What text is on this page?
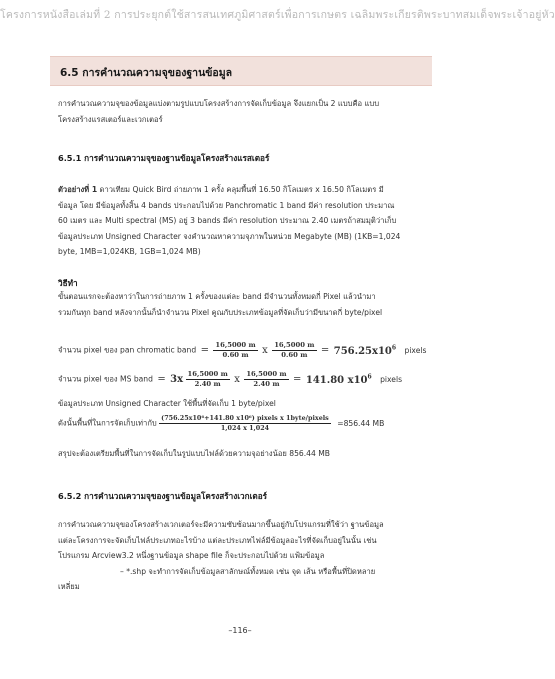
โครงการหนังสือเล่มที่ 2 การประยุกต์ใช้สารสนเทศภูมิศาสตร์เพื่อการเกษตร เฉลิมพระเกียรติพระบาทสมเด็จพระเจ้าอยู่หัว
6.5 การคำนวณความจุของฐานข้อมูล
การคำนวณความจุของข้อมูลแบ่งตามรูปแบบโครงสร้างการจัดเก็บข้อมูล จึงแยกเป็น 2 แบบคือ แบบ
โครงสร้างแรสเตอร์และเวกเตอร์
6.5.1 การคำนวณความจุของฐานข้อมูลโครงสร้างแรสเตอร์
ตัวอย่างที่ 1 ดาวเทียม Quick Bird ถ่ายภาพ 1 ครั้ง คลุมพื้นที่ 16.50 กิโลเมตร x 16.50 กิโลเมตร มี
ข้อมูล โดย มีข้อมูลทั้งสิ้น 4 bands ประกอบไปด้วย Panchromatic 1 band มีค่า resolution ประมาณ
60 เมตร และ Multi spectral (MS) อยู่ 3 bands มีค่า resolution ประมาณ 2.40 เมตรถ้าสมมุติว่าเก็บ
ข้อมูลประเภท Unsigned Character จงคำนวณหาความจุภาพในหน่วย Megabyte (MB) (1KB=1,024
byte, 1MB=1,024KB, 1GB=1,024 MB)
วิธีทำ
ขั้นตอนแรกจะต้องหาว่าในการถ่ายภาพ 1 ครั้งของแต่ละ band มีจำนวนทั้งหมดกี่ Pixel แล้วนำมา
รวมกันทุก band หลังจากนั้นก็นำจำนวน Pixel คูณกับประเภทข้อมูลที่จัดเก็บว่ามีขนาดกี่ byte/pixel
จำนวน pixel ของ pan chromatic band = $\frac{16,5000 m}{0.60 m}$ x $\frac{16,5000 m}{0.60 m} = 756.25x10^6$ pixels
จำนวน pixel ของ MS band = $3x \frac{16,5000 m}{2.40 m}$ x $\frac{16,5000 m}{2.40 m} = 141.80$ $x10^6$ pixels
ข้อมูลประเภท Unsigned Character ใช้พื้นที่จัดเก็บ 1 byte/pixel
ดังนั้นพื้นที่ในการจัดเก็บเท่ากับ $\frac{\text{(756.25x10⁶+141.80 x10⁶) pixels x 1byte/pixels}}{1,024 x 1,024} =856.44$ MB
สรุปจะต้องเตรียมพื้นที่ในการจัดเก็บในรูปแบบไฟล์ด้วยความจุอย่างน้อย 856.44 MB
6.5.2 การคำนวณความจุของฐานข้อมูลโครงสร้างเวกเตอร์
การคำนวณความจุของโครงสร้างเวกเตอร์จะมีความซับซ้อนมากขึ้นอยู่กับโปรแกรมที่ใช้ว่า ฐานข้อมูล
แต่ละโครงการจะจัดเก็บไฟล์ประเภทอะไรบ้าง แต่ละประเภทไฟล์มีข้อมูลอะไรที่จัดเก็บอยู่ในนั้น เช่น
โปรแกรม Arcview3.2 หนึ่งฐานข้อมูล shape file ก็จะประกอบไปด้วย แฟ้มข้อมูล
– *.shp จะทำการจัดเก็บข้อมูลสาลักษณ์ทั้งหมด เช่น จุด เส้น หรือพื้นที่ปิดหลาย
เหลี่ยม
–116–
